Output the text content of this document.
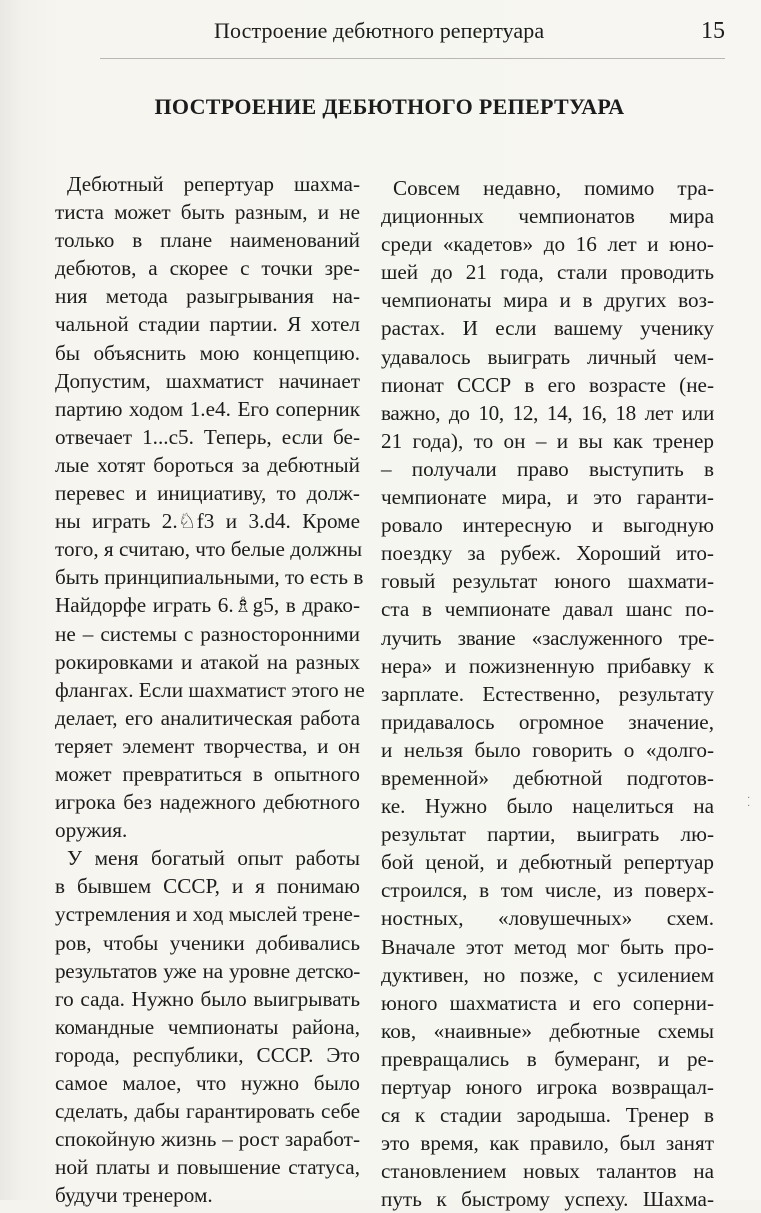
Построение дебютного репертуара	15
ПОСТРОЕНИЕ ДЕБЮТНОГО РЕПЕРТУАРА
Дебютный репертуар шахма-
тиста может быть разным, и не
только в плане наименований
дебютов, а скорее с точки зре-
ния метода разыгрывания на-
чальной стадии партии. Я хотел
бы объяснить мою концепцию.
Допустим, шахматист начинает
партию ходом 1.e4. Его соперник
отвечает 1...c5. Теперь, если бе-
лые хотят бороться за дебютный
перевес и инициативу, то долж-
ны играть 2.♘f3 и 3.d4. Кроме
того, я считаю, что белые должны
быть принципиальными, то есть в
Найдорфе играть 6.♗g5, в драко-
не – системы с разносторонними
рокировками и атакой на разных
флангах. Если шахматист этого не
делает, его аналитическая работа
теряет элемент творчества, и он
может превратиться в опытного
игрока без надежного дебютного
оружия.
У меня богатый опыт работы
в бывшем СССР, и я понимаю
устремления и ход мыслей трене-
ров, чтобы ученики добивались
результатов уже на уровне детско-
го сада. Нужно было выигрывать
командные чемпионаты района,
города, республики, СССР. Это
самое малое, что нужно было
сделать, дабы гарантировать себе
спокойную жизнь – рост заработ-
ной платы и повышение статуса,
будучи тренером.
Совсем недавно, помимо тра-
диционных чемпионатов мира
среди «кадетов» до 16 лет и юно-
шей до 21 года, стали проводить
чемпионаты мира и в других воз-
растах. И если вашему ученику
удавалось выиграть личный чем-
пионат СССР в его возрасте (не-
важно, до 10, 12, 14, 16, 18 лет или
21 года), то он – и вы как тренер
– получали право выступить в
чемпионате мира, и это гаранти-
ровало интересную и выгодную
поездку за рубеж. Хороший ито-
говый результат юного шахмати-
ста в чемпионате давал шанс по-
лучить звание «заслуженного тре-
нера» и пожизненную прибавку к
зарплате. Естественно, результату
придавалось огромное значение,
и нельзя было говорить о «долго-
временной» дебютной подготов-
ке. Нужно было нацелиться на
результат партии, выиграть лю-
бой ценой, и дебютный репертуар
строился, в том числе, из поверх-
ностных, «ловушечных» схем.
Вначале этот метод мог быть про-
дуктивен, но позже, с усилением
юного шахматиста и его соперни-
ков, «наивные» дебютные схемы
превращались в бумеранг, и ре-
пертуар юного игрока возвращал-
ся к стадии зародыша. Тренер в
это время, как правило, был занят
становлением новых талантов на
путь к быстрому успеху. Шахма-
·
·
